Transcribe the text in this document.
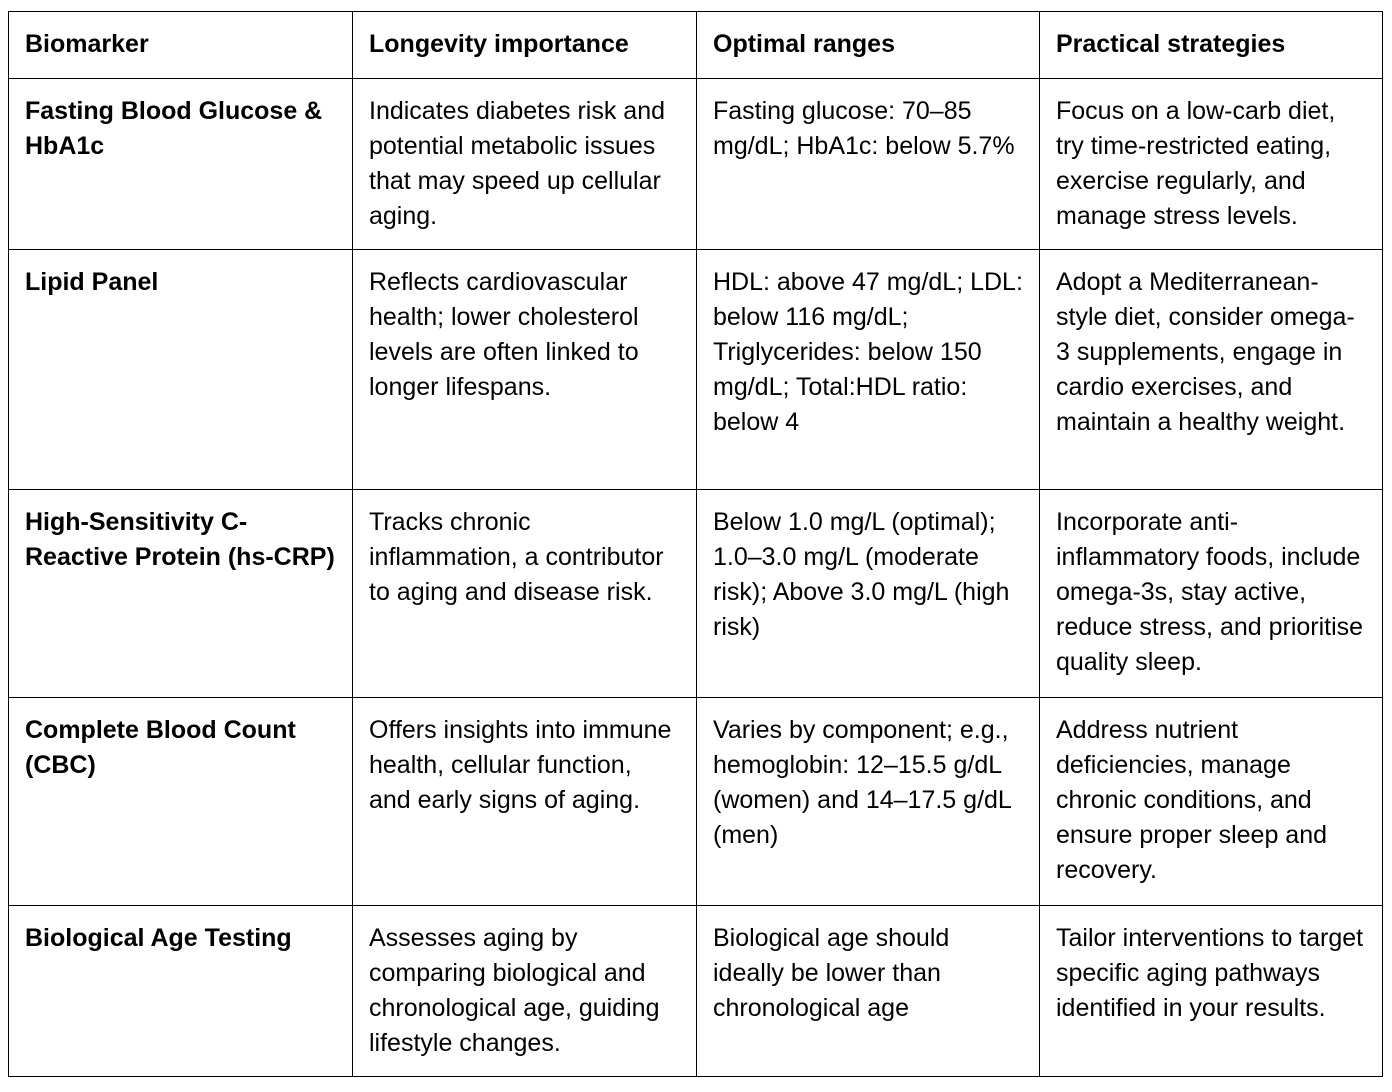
Biomarker	Longevity importance	Optimal ranges	Practical strategies
Fasting Blood Glucose & HbA1c	Indicates diabetes risk and potential metabolic issues that may speed up cellular aging.	Fasting glucose: 70–85 mg/dL; HbA1c: below 5.7%	Focus on a low-carb diet, try time-restricted eating, exercise regularly, and manage stress levels.
Lipid Panel	Reflects cardiovascular health; lower cholesterol levels are often linked to longer lifespans.	HDL: above 47 mg/dL; LDL: below 116 mg/dL; Triglycerides: below 150 mg/dL; Total:HDL ratio: below 4	Adopt a Mediterranean-style diet, consider omega-3 supplements, engage in cardio exercises, and maintain a healthy weight.
High-Sensitivity C-Reactive Protein (hs-CRP)	Tracks chronic inflammation, a contributor to aging and disease risk.	Below 1.0 mg/L (optimal); 1.0–3.0 mg/L (moderate risk); Above 3.0 mg/L (high risk)	Incorporate anti-inflammatory foods, include omega-3s, stay active, reduce stress, and prioritise quality sleep.
Complete Blood Count (CBC)	Offers insights into immune health, cellular function, and early signs of aging.	Varies by component; e.g., hemoglobin: 12–15.5 g/dL (women) and 14–17.5 g/dL (men)	Address nutrient deficiencies, manage chronic conditions, and ensure proper sleep and recovery.
Biological Age Testing	Assesses aging by comparing biological and chronological age, guiding lifestyle changes.	Biological age should ideally be lower than chronological age	Tailor interventions to target specific aging pathways identified in your results.
